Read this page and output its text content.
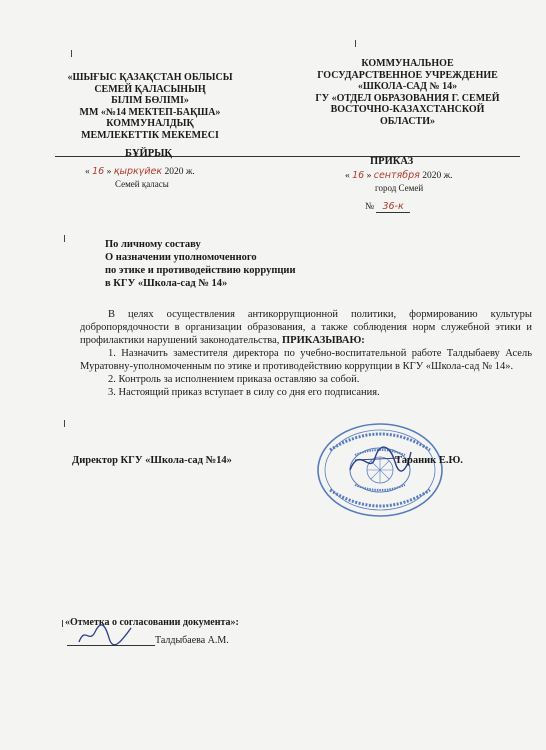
«ШЫҒЫС ҚАЗАҚСТАН ОБЛЫСЫ
СЕМЕЙ ҚАЛАСЫНЫҢ
БІЛІМ БӨЛІМІ»
ММ «№14 МЕКТЕП-БАҚША»
КОММУНАЛДЫҚ
МЕМЛЕКЕТТІК МЕКЕМЕСІ
КОММУНАЛЬНОЕ
ГОСУДАРСТВЕННОЕ УЧРЕЖДЕНИЕ
«ШКОЛА-САД № 14»
ГУ «ОТДЕЛ ОБРАЗОВАНИЯ Г. СЕМЕЙ
ВОСТОЧНО-КАЗАХСТАНСКОЙ
ОБЛАСТИ»
БҰЙРЫҚ
« 16 » қыркүйек 2020 ж.
Семей қаласы
ПРИКАЗ
« 16 » сентября 2020 ж.
город Семей
№ 36-к
По личному составу
О назначении уполномоченного
по этике и противодействию коррупции
в КГУ «Школа-сад № 14»

В целях осуществления антикоррупционной политики, формированию культуры добропорядочности в организации образования, а также соблюдения норм служебной этики и профилактики нарушений законодательства, ПРИКАЗЫВАЮ:

1. Назначить заместителя директора по учебно-воспитательной работе Талдыбаеву Асель Муратовну-уполномоченным по этике и противодействию коррупции в КГУ «Школа-сад № 14».

2. Контроль за исполнением приказа оставляю за собой.

3. Настоящий приказ вступает в силу со дня его подписания.

Директор КГУ «Школа-сад №14»	Тараник Е.Ю.
«Отметка о согласовании документа»:
Талдыбаева А.М.
